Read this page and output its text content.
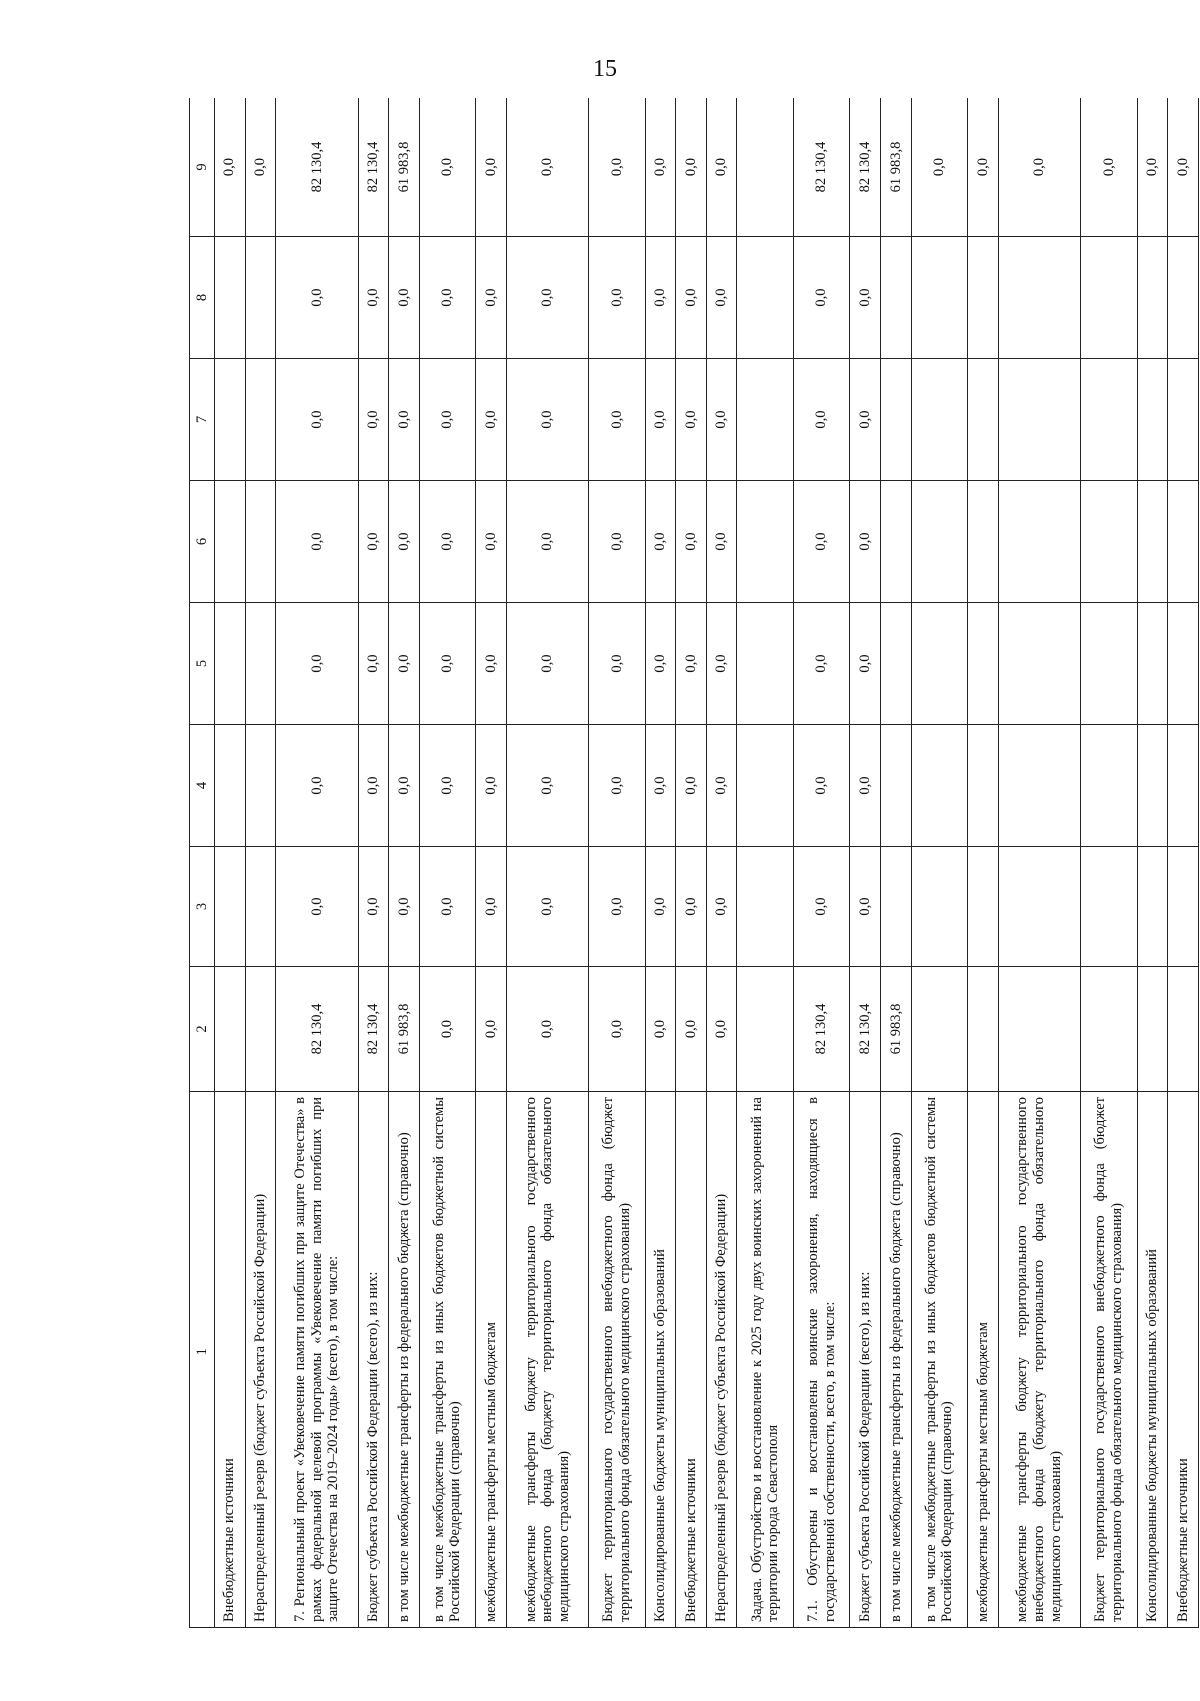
15
	1	2	3	4	5	6	7	8	9
Внебюджетные источники									0,0
Нераспределенный резерв (бюджет субъекта Российской Федерации)									0,0
7. Региональный проект «Увековечение памяти погибших при защите Отечества» в рамках федеральной целевой программы «Увековечение памяти погибших при защите Отечества на 2019–2024 годы» (всего), в том числе:		82 130,4	0,0	0,0	0,0	0,0	0,0	0,0	82 130,4
Бюджет субъекта Российской Федерации (всего), из них:		82 130,4	0,0	0,0	0,0	0,0	0,0	0,0	82 130,4
в том числе межбюджетные трансферты из федерального бюджета (справочно)		61 983,8	0,0	0,0	0,0	0,0	0,0	0,0	61 983,8
в том числе межбюджетные трансферты из иных бюджетов бюджетной системы Российской Федерации (справочно)		0,0	0,0	0,0	0,0	0,0	0,0	0,0	0,0
межбюджетные трансферты местным бюджетам		0,0	0,0	0,0	0,0	0,0	0,0	0,0	0,0
межбюджетные трансферты бюджету территориального государственного внебюджетного фонда (бюджету территориального фонда обязательного медицинского страхования)		0,0	0,0	0,0	0,0	0,0	0,0	0,0	0,0
Бюджет территориального государственного внебюджетного фонда (бюджет территориального фонда обязательного медицинского страхования)		0,0	0,0	0,0	0,0	0,0	0,0	0,0	0,0
Консолидированные бюджеты муниципальных образований		0,0	0,0	0,0	0,0	0,0	0,0	0,0	0,0
Внебюджетные источники		0,0	0,0	0,0	0,0	0,0	0,0	0,0	0,0
Нераспределенный резерв (бюджет субъекта Российской Федерации)		0,0	0,0	0,0	0,0	0,0	0,0	0,0	0,0
Задача. Обустройство и восстановление к 2025 году двух воинских захоронений на территории города Севастополя									
7.1. Обустроены и восстановлены воинские захоронения, находящиеся в государственной собственности, всего, в том числе:		82 130,4	0,0	0,0	0,0	0,0	0,0	0,0	82 130,4
Бюджет субъекта Российской Федерации (всего), из них:		82 130,4	0,0	0,0	0,0	0,0	0,0	0,0	82 130,4
в том числе межбюджетные трансферты из федерального бюджета (справочно)		61 983,8							61 983,8
в том числе межбюджетные трансферты из иных бюджетов бюджетной системы Российской Федерации (справочно)									0,0
межбюджетные трансферты местным бюджетам									0,0
межбюджетные трансферты бюджету территориального государственного внебюджетного фонда (бюджету территориального фонда обязательного медицинского страхования)									0,0
Бюджет территориального государственного внебюджетного фонда (бюджет территориального фонда обязательного медицинского страхования)									0,0
Консолидированные бюджеты муниципальных образований									0,0
Внебюджетные источники									0,0
